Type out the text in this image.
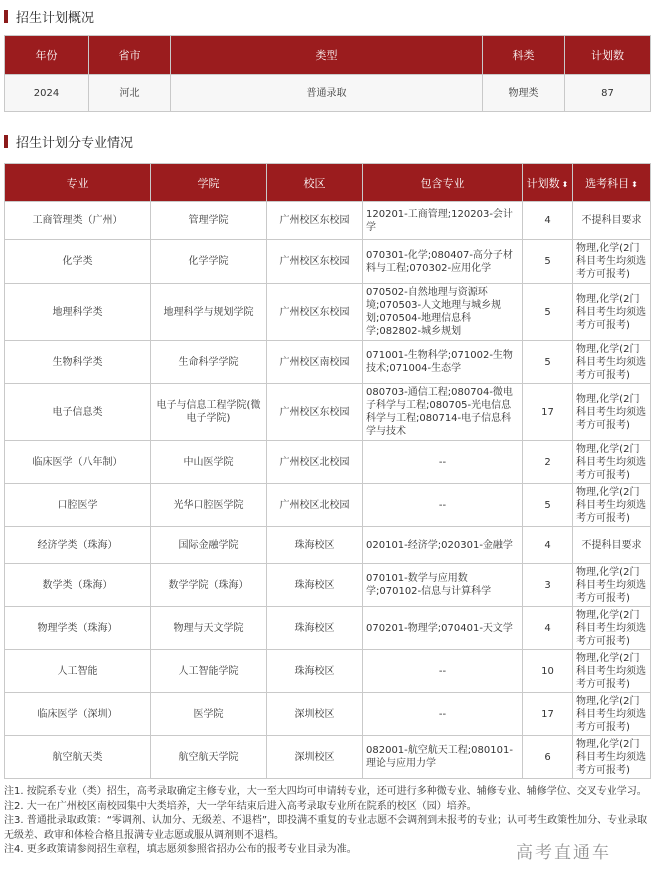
招生计划概况
年份	省市	类型	科类	计划数
2024	河北	普通录取	物理类	87
招生计划分专业情况
专业	学院	校区	包含专业	计划数 ⬍	选考科目 ⬍
工商管理类（广州）	管理学院	广州校区东校园	120201-工商管理;120203-会计学	4	不提科目要求
化学类	化学学院	广州校区东校园	070301-化学;080407-高分子材料与工程;070302-应用化学	5	物理,化学(2门科目考生均须选考方可报考)
地理科学类	地理科学与规划学院	广州校区东校园	070502-自然地理与资源环境;070503-人文地理与城乡规划;070504-地理信息科学;082802-城乡规划	5	物理,化学(2门科目考生均须选考方可报考)
生物科学类	生命科学学院	广州校区南校园	071001-生物科学;071002-生物技术;071004-生态学	5	物理,化学(2门科目考生均须选考方可报考)
电子信息类	电子与信息工程学院(微电子学院)	广州校区东校园	080703-通信工程;080704-微电子科学与工程;080705-光电信息科学与工程;080714-电子信息科学与技术	17	物理,化学(2门科目考生均须选考方可报考)
临床医学（八年制）	中山医学院	广州校区北校园	--	2	物理,化学(2门科目考生均须选考方可报考)
口腔医学	光华口腔医学院	广州校区北校园	--	5	物理,化学(2门科目考生均须选考方可报考)
经济学类（珠海）	国际金融学院	珠海校区	020101-经济学;020301-金融学	4	不提科目要求
数学类（珠海）	数学学院（珠海）	珠海校区	070101-数学与应用数学;070102-信息与计算科学	3	物理,化学(2门科目考生均须选考方可报考)
物理学类（珠海）	物理与天文学院	珠海校区	070201-物理学;070401-天文学	4	物理,化学(2门科目考生均须选考方可报考)
人工智能	人工智能学院	珠海校区	--	10	物理,化学(2门科目考生均须选考方可报考)
临床医学（深圳）	医学院	深圳校区	--	17	物理,化学(2门科目考生均须选考方可报考)
航空航天类	航空航天学院	深圳校区	082001-航空航天工程;080101-理论与应用力学	6	物理,化学(2门科目考生均须选考方可报考)

注1. 按院系专业（类）招生，高考录取确定主修专业，大一至大四均可申请转专业，还可进行多种微专业、辅修专业、辅修学位、交叉专业学习。

注2. 大一在广州校区南校园集中大类培养，大一学年结束后进入高考录取专业所在院系的校区（园）培养。

注3. 普通批录取政策：“零调剂、认加分、无级差、不退档”，即投满不重复的专业志愿不会调剂到未报考的专业；认可考生政策性加分、专业录取无级差、政审和体检合格且报满专业志愿或服从调剂则不退档。

注4. 更多政策请参阅招生章程，填志愿须参照省招办公布的报考专业目录为准。	高考直通车
